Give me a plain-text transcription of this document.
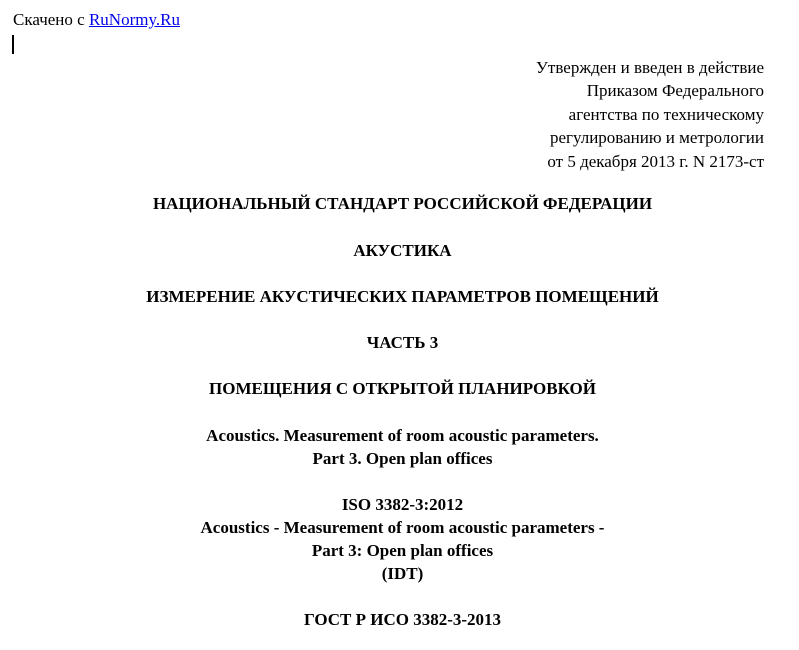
Скачено с RuNormy.Ru
Утвержден и введен в действие
Приказом Федерального
агентства по техническому
регулированию и метрологии
от 5 декабря 2013 г. N 2173-ст
НАЦИОНАЛЬНЫЙ СТАНДАРТ РОССИЙСКОЙ ФЕДЕРАЦИИ
АКУСТИКА
ИЗМЕРЕНИЕ АКУСТИЧЕСКИХ ПАРАМЕТРОВ ПОМЕЩЕНИЙ
ЧАСТЬ 3
ПОМЕЩЕНИЯ С ОТКРЫТОЙ ПЛАНИРОВКОЙ
Acoustics. Measurement of room acoustic parameters.
Part 3. Open plan offices
ISO 3382-3:2012
Acoustics - Measurement of room acoustic parameters -
Part 3: Open plan offices
(IDT)
ГОСТ Р ИСО 3382-3-2013
